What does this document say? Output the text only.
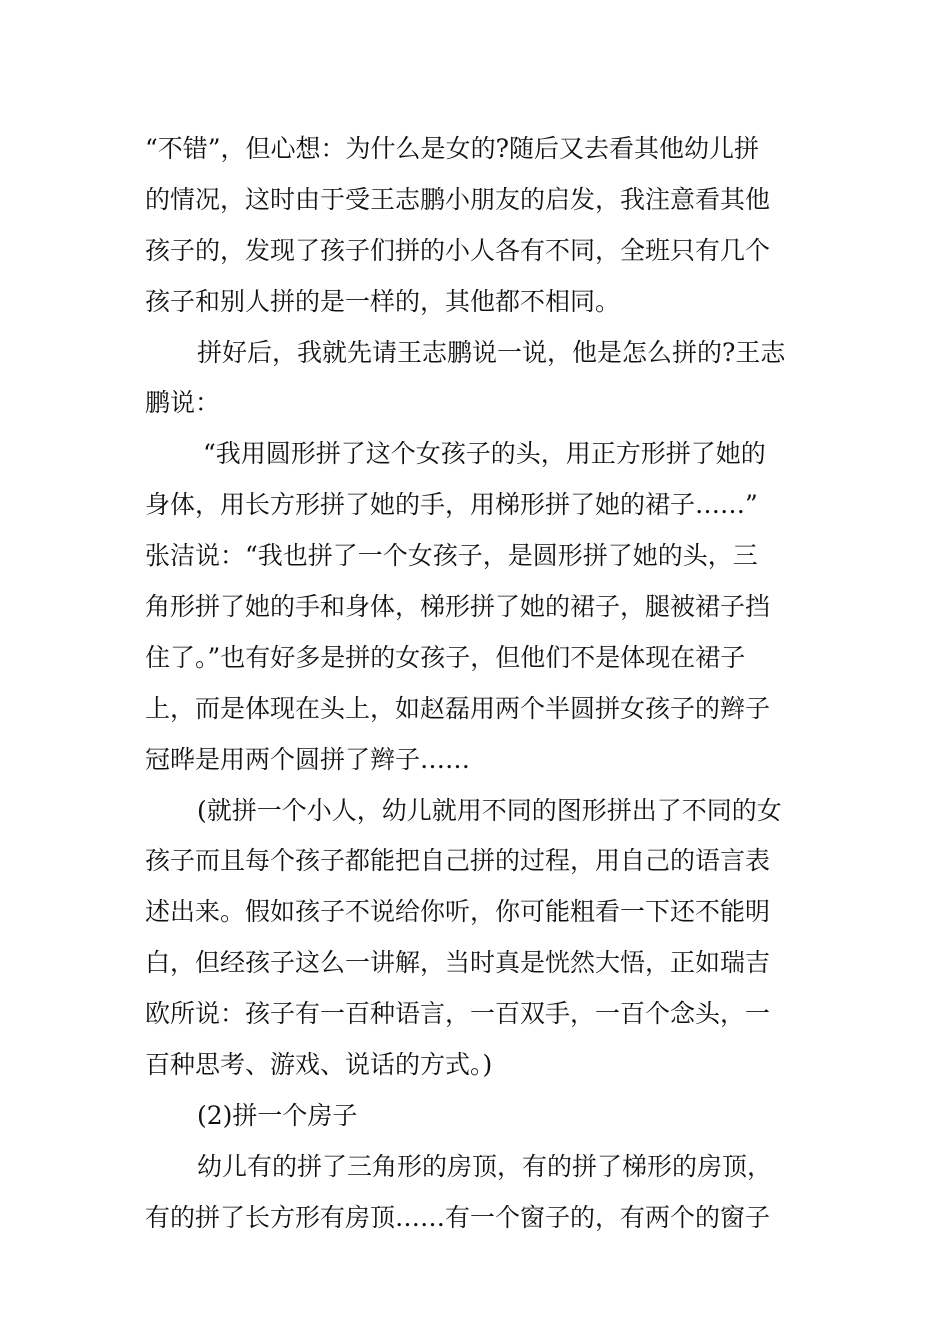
“不错”，但心想：为什么是女的?随后又去看其他幼儿拼
的情况，这时由于受王志鹏小朋友的启发，我注意看其他
孩子的，发现了孩子们拼的小人各有不同，全班只有几个
孩子和别人拼的是一样的，其他都不相同。
拼好后，我就先请王志鹏说一说，他是怎么拼的?王志
鹏说：
“我用圆形拼了这个女孩子的头，用正方形拼了她的
身体，用长方形拼了她的手，用梯形拼了她的裙子……”
张洁说：“我也拼了一个女孩子，是圆形拼了她的头，三
角形拼了她的手和身体，梯形拼了她的裙子，腿被裙子挡
住了。”也有好多是拼的女孩子，但他们不是体现在裙子
上，而是体现在头上，如赵磊用两个半圆拼女孩子的辫子
冠晔是用两个圆拼了辫子……
(就拼一个小人，幼儿就用不同的图形拼出了不同的女
孩子而且每个孩子都能把自己拼的过程，用自己的语言表
述出来。假如孩子不说给你听，你可能粗看一下还不能明
白，但经孩子这么一讲解，当时真是恍然大悟，正如瑞吉
欧所说：孩子有一百种语言，一百双手，一百个念头，一
百种思考、游戏、说话的方式。)
(2)拼一个房子
幼儿有的拼了三角形的房顶，有的拼了梯形的房顶，
有的拼了长方形有房顶……有一个窗子的，有两个的窗子
